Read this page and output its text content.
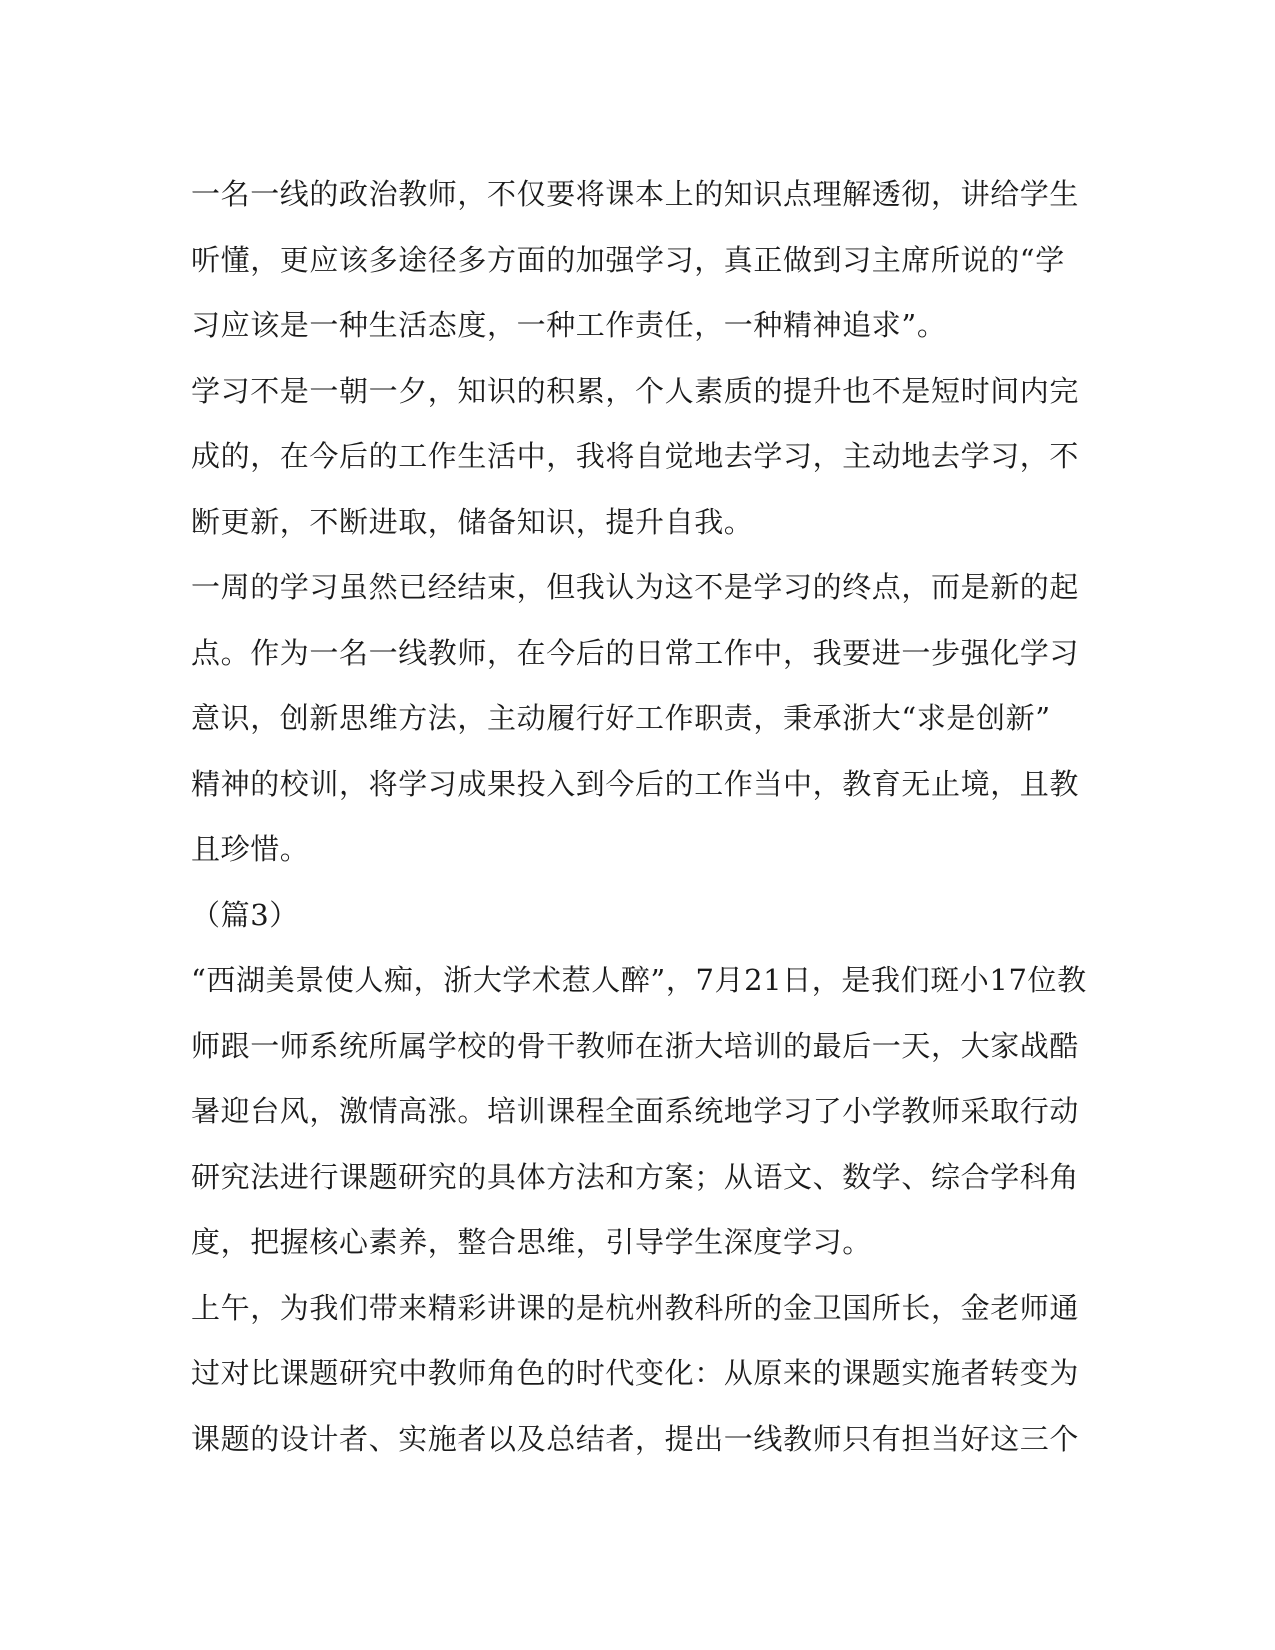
一名一线的政治教师，不仅要将课本上的知识点理解透彻，讲给学生
听懂，更应该多途径多方面的加强学习，真正做到习主席所说的“学
习应该是一种生活态度，一种工作责任，一种精神追求”。
学习不是一朝一夕，知识的积累，个人素质的提升也不是短时间内完
成的，在今后的工作生活中，我将自觉地去学习，主动地去学习，不
断更新，不断进取，储备知识，提升自我。
一周的学习虽然已经结束，但我认为这不是学习的终点，而是新的起
点。作为一名一线教师，在今后的日常工作中，我要进一步强化学习
意识，创新思维方法，主动履行好工作职责，秉承浙大“求是创新”
精神的校训，将学习成果投入到今后的工作当中，教育无止境，且教
且珍惜。
（篇3）
“西湖美景使人痴，浙大学术惹人醉”，7月21日，是我们斑小17位教
师跟一师系统所属学校的骨干教师在浙大培训的最后一天，大家战酷
暑迎台风，激情高涨。培训课程全面系统地学习了小学教师采取行动
研究法进行课题研究的具体方法和方案；从语文、数学、综合学科角
度，把握核心素养，整合思维，引导学生深度学习。
上午，为我们带来精彩讲课的是杭州教科所的金卫国所长，金老师通
过对比课题研究中教师角色的时代变化：从原来的课题实施者转变为
课题的设计者、实施者以及总结者，提出一线教师只有担当好这三个
